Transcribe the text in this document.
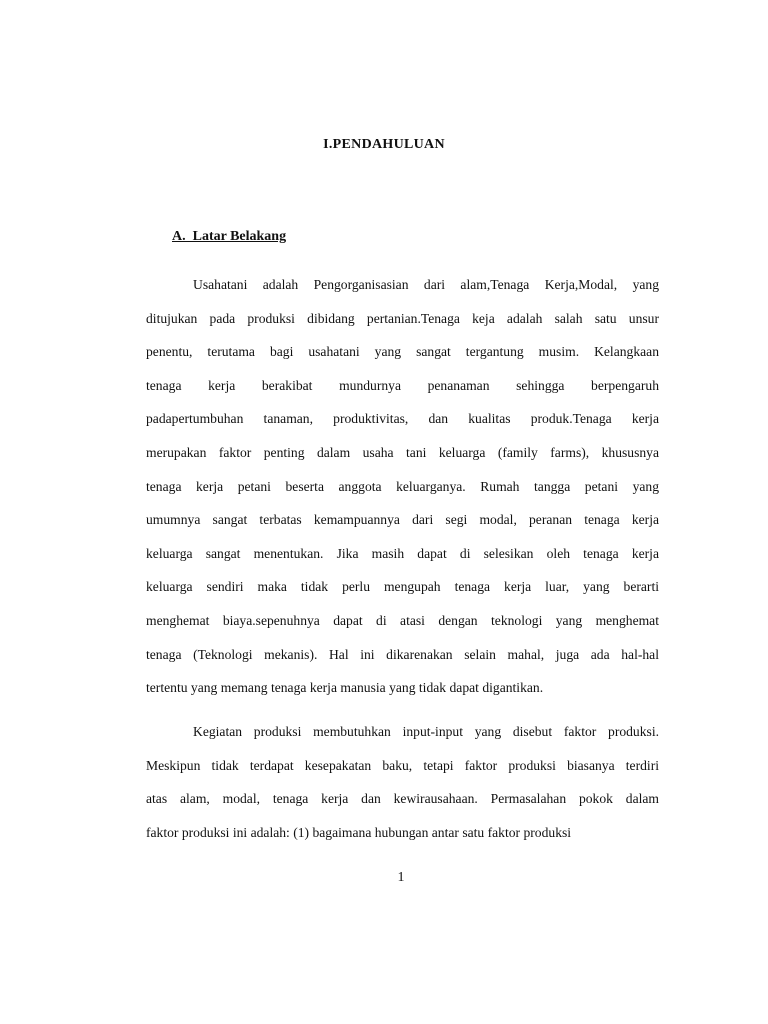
I.PENDAHULUAN
A.  Latar Belakang
Usahatani adalah Pengorganisasian dari alam,Tenaga Kerja,Modal, yang
ditujukan pada produksi dibidang pertanian.Tenaga keja adalah salah satu unsur
penentu, terutama bagi usahatani yang sangat tergantung musim. Kelangkaan
tenaga kerja berakibat mundurnya penanaman sehingga berpengaruh
padapertumbuhan tanaman, produktivitas, dan kualitas produk.Tenaga kerja
merupakan faktor penting dalam usaha tani keluarga (family farms), khususnya
tenaga kerja petani beserta anggota keluarganya. Rumah tangga petani yang
umumnya sangat terbatas kemampuannya dari segi modal, peranan tenaga kerja
keluarga sangat menentukan. Jika masih dapat di selesikan oleh tenaga kerja
keluarga sendiri maka tidak perlu mengupah tenaga kerja luar, yang berarti
menghemat biaya.sepenuhnya dapat di atasi dengan teknologi yang menghemat
tenaga (Teknologi mekanis). Hal ini dikarenakan selain mahal, juga ada hal-hal
tertentu yang memang tenaga kerja manusia yang tidak dapat digantikan.
Kegiatan produksi membutuhkan input-input yang disebut faktor produksi.
Meskipun tidak terdapat kesepakatan baku, tetapi faktor produksi biasanya terdiri
atas alam, modal, tenaga kerja dan kewirausahaan. Permasalahan pokok dalam
faktor produksi ini adalah: (1) bagaimana hubungan antar satu faktor produksi
1
